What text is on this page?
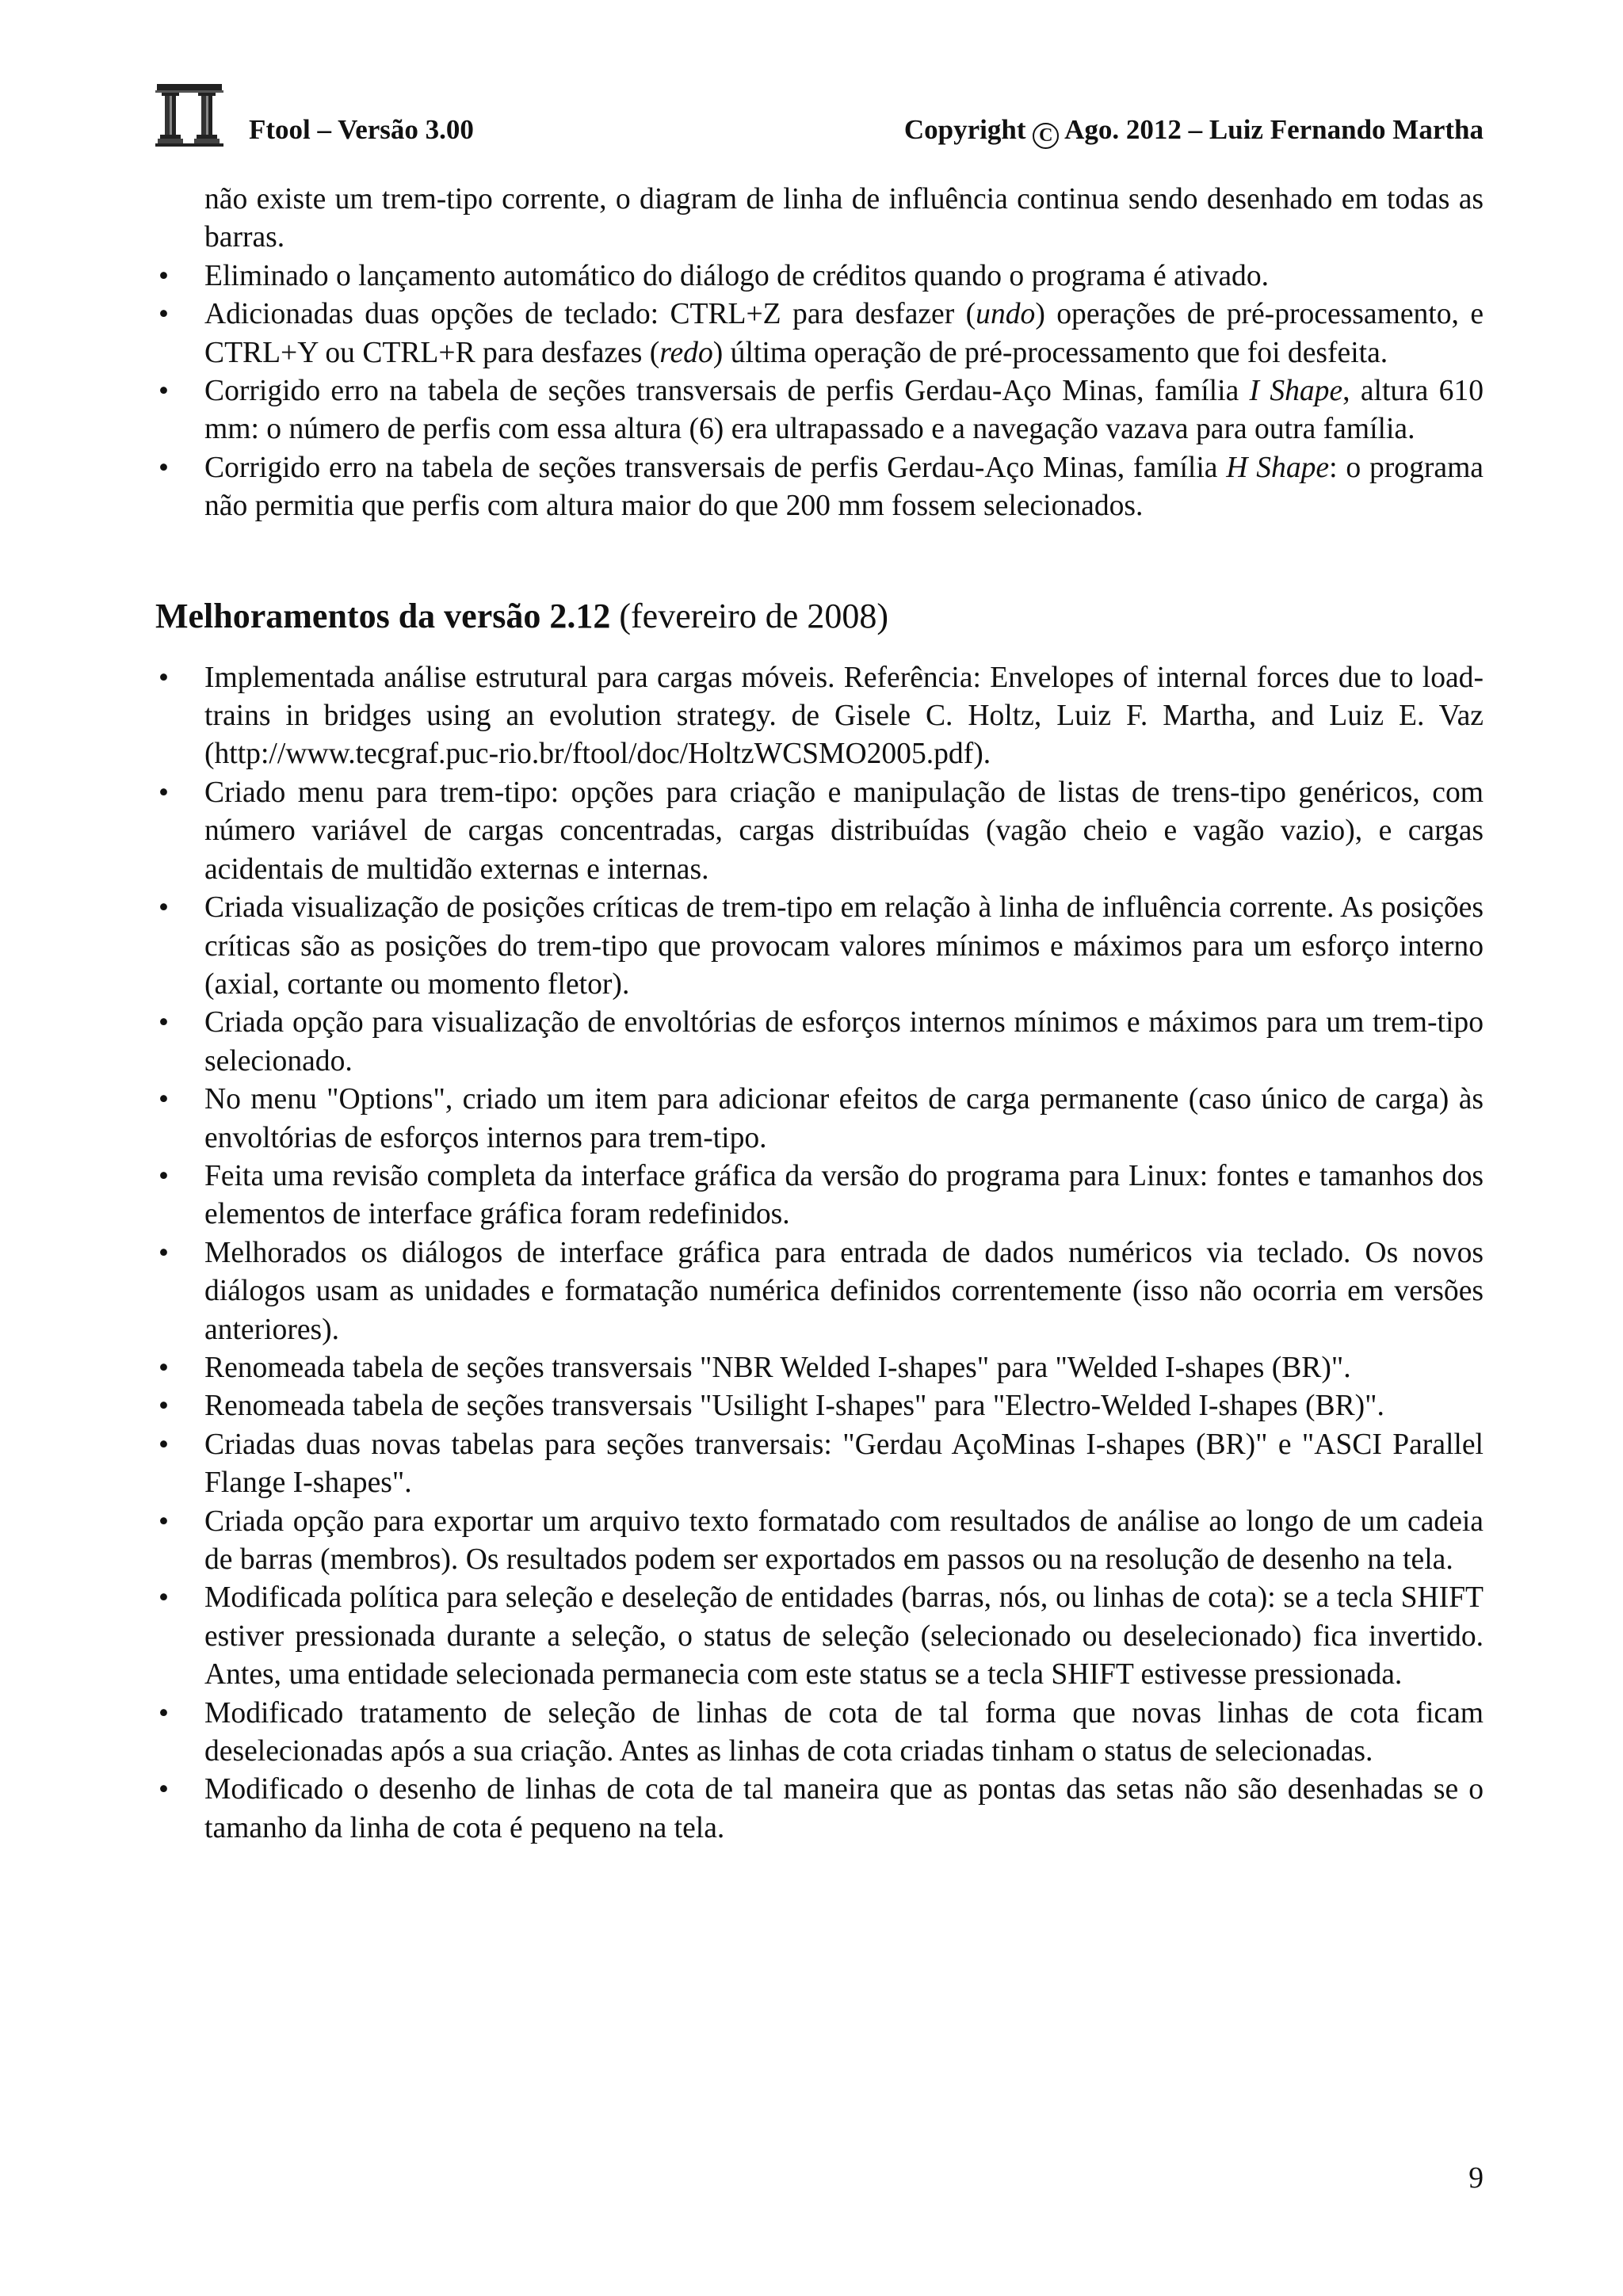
Ftool – Versão 3.00	Copyright C Ago. 2012 – Luiz Fernando Martha

não existe um trem-tipo corrente, o diagram de linha de influência continua sendo desenhado em todas as barras.

• Eliminado o lançamento automático do diálogo de créditos quando o programa é ativado.
• Adicionadas duas opções de teclado: CTRL+Z para desfazer (undo) operações de pré-processamento, e CTRL+Y ou CTRL+R para desfazes (redo) última operação de pré-processamento que foi desfeita.
• Corrigido erro na tabela de seções transversais de perfis Gerdau-Aço Minas, família I Shape, altura 610 mm: o número de perfis com essa altura (6) era ultrapassado e a navegação vazava para outra família.
• Corrigido erro na tabela de seções transversais de perfis Gerdau-Aço Minas, família H Shape: o programa não permitia que perfis com altura maior do que 200 mm fossem selecionados.
Melhoramentos da versão 2.12 (fevereiro de 2008)
• Implementada análise estrutural para cargas móveis. Referência: Envelopes of internal forces due to load-trains in bridges using an evolution strategy. de Gisele C. Holtz, Luiz F. Martha, and Luiz E. Vaz (http://www.tecgraf.puc-rio.br/ftool/doc/HoltzWCSMO2005.pdf).
• Criado menu para trem-tipo: opções para criação e manipulação de listas de trens-tipo genéricos, com número variável de cargas concentradas, cargas distribuídas (vagão cheio e vagão vazio), e cargas acidentais de multidão externas e internas.
• Criada visualização de posições críticas de trem-tipo em relação à linha de influência corrente. As posições críticas são as posições do trem-tipo que provocam valores mínimos e máximos para um esforço interno (axial, cortante ou momento fletor).
• Criada opção para visualização de envoltórias de esforços internos mínimos e máximos para um trem-tipo selecionado.
• No menu "Options", criado um item para adicionar efeitos de carga permanente (caso único de carga) às envoltórias de esforços internos para trem-tipo.
• Feita uma revisão completa da interface gráfica da versão do programa para Linux: fontes e tamanhos dos elementos de interface gráfica foram redefinidos.
• Melhorados os diálogos de interface gráfica para entrada de dados numéricos via teclado. Os novos diálogos usam as unidades e formatação numérica definidos correntemente (isso não ocorria em versões anteriores).
• Renomeada tabela de seções transversais "NBR Welded I-shapes" para "Welded I-shapes (BR)".
• Renomeada tabela de seções transversais "Usilight I-shapes" para "Electro-Welded I-shapes (BR)".
• Criadas duas novas tabelas para seções tranversais: "Gerdau AçoMinas I-shapes (BR)" e "ASCI Parallel Flange I-shapes".
• Criada opção para exportar um arquivo texto formatado com resultados de análise ao longo de um cadeia de barras (membros). Os resultados podem ser exportados em passos ou na resolução de desenho na tela.
• Modificada política para seleção e deseleção de entidades (barras, nós, ou linhas de cota): se a tecla SHIFT estiver pressionada durante a seleção, o status de seleção (selecionado ou deselecionado) fica invertido. Antes, uma entidade selecionada permanecia com este status se a tecla SHIFT estivesse pressionada.
• Modificado tratamento de seleção de linhas de cota de tal forma que novas linhas de cota ficam deselecionadas após a sua criação. Antes as linhas de cota criadas tinham o status de selecionadas.
• Modificado o desenho de linhas de cota de tal maneira que as pontas das setas não são desenhadas se o tamanho da linha de cota é pequeno na tela.
9
